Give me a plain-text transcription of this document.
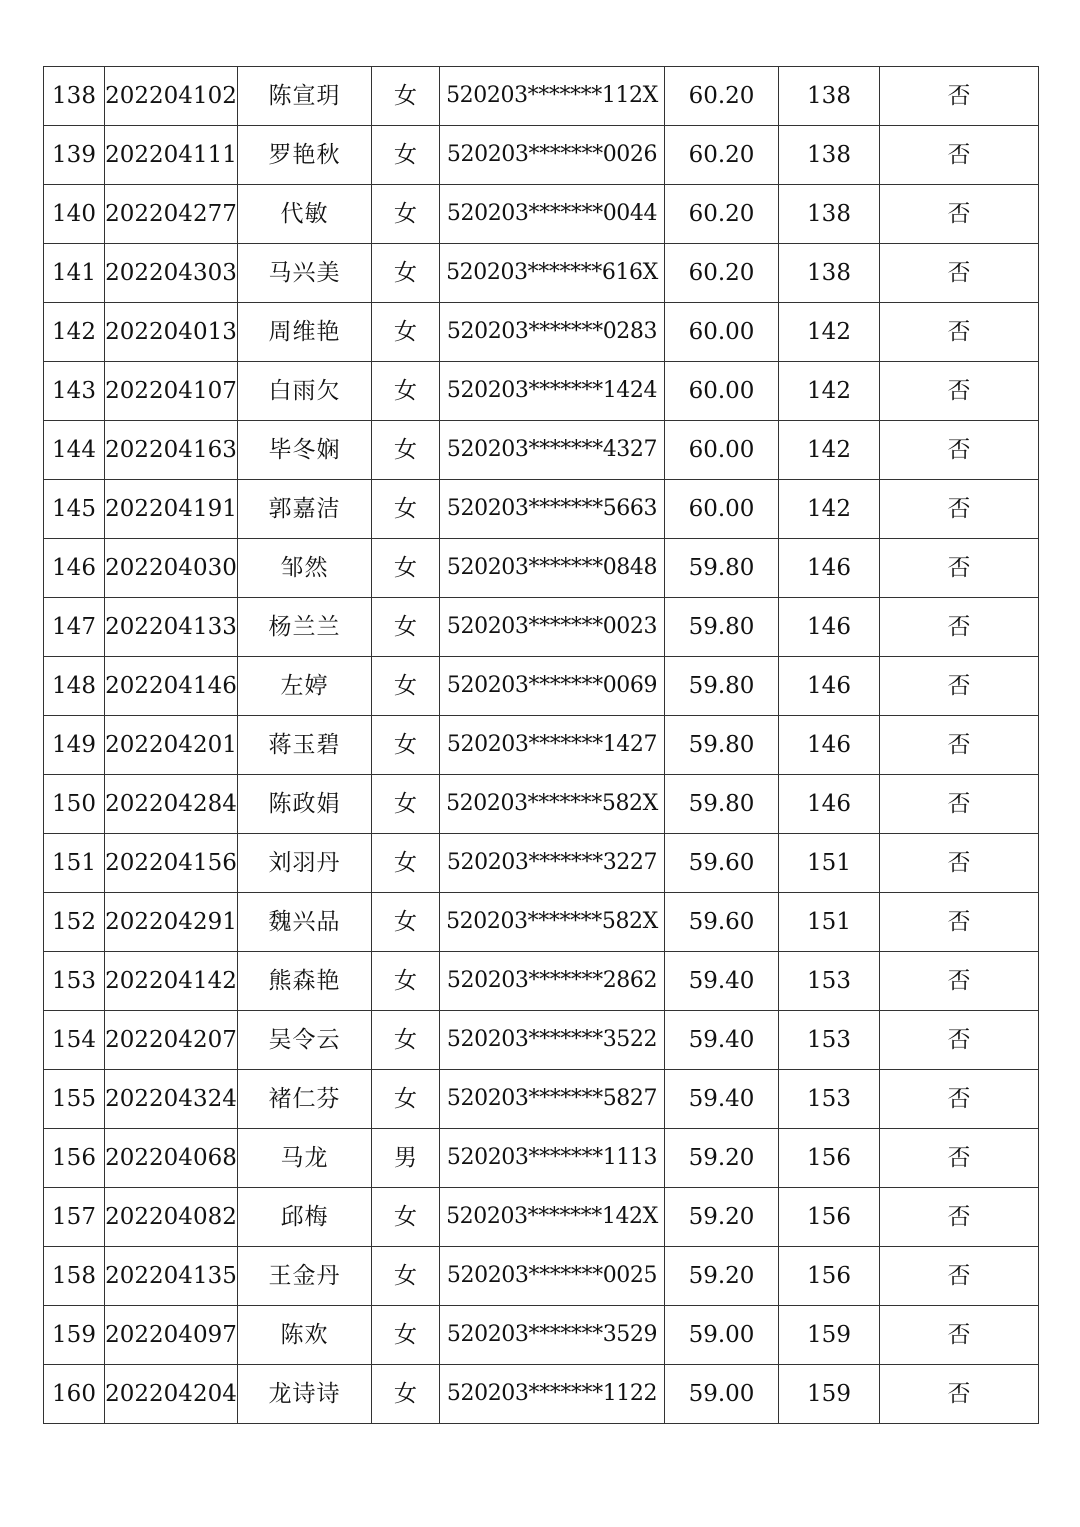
138	202204102	陈宣玥	女	520203*******112X	60.20	138	否
139	202204111	罗艳秋	女	520203*******0026	60.20	138	否
140	202204277	代敏	女	520203*******0044	60.20	138	否
141	202204303	马兴美	女	520203*******616X	60.20	138	否
142	202204013	周维艳	女	520203*******0283	60.00	142	否
143	202204107	白雨欠	女	520203*******1424	60.00	142	否
144	202204163	毕冬娴	女	520203*******4327	60.00	142	否
145	202204191	郭嘉洁	女	520203*******5663	60.00	142	否
146	202204030	邹然	女	520203*******0848	59.80	146	否
147	202204133	杨兰兰	女	520203*******0023	59.80	146	否
148	202204146	左婷	女	520203*******0069	59.80	146	否
149	202204201	蒋玉碧	女	520203*******1427	59.80	146	否
150	202204284	陈政娟	女	520203*******582X	59.80	146	否
151	202204156	刘羽丹	女	520203*******3227	59.60	151	否
152	202204291	魏兴品	女	520203*******582X	59.60	151	否
153	202204142	熊森艳	女	520203*******2862	59.40	153	否
154	202204207	吴令云	女	520203*******3522	59.40	153	否
155	202204324	褚仁芬	女	520203*******5827	59.40	153	否
156	202204068	马龙	男	520203*******1113	59.20	156	否
157	202204082	邱梅	女	520203*******142X	59.20	156	否
158	202204135	王金丹	女	520203*******0025	59.20	156	否
159	202204097	陈欢	女	520203*******3529	59.00	159	否
160	202204204	龙诗诗	女	520203*******1122	59.00	159	否
